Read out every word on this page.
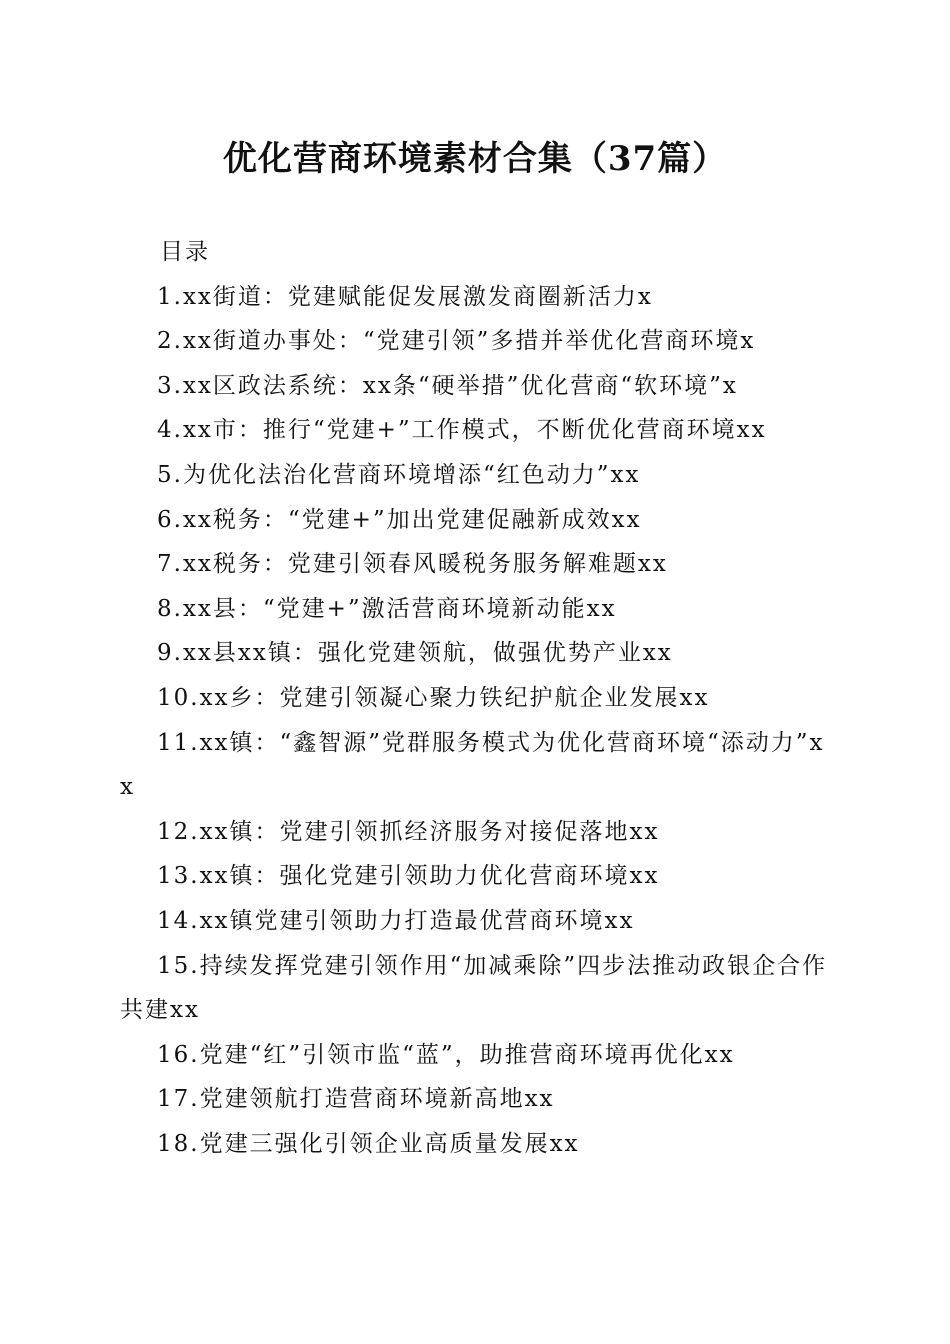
优化营商环境素材合集（37篇）
目录
1.xx街道：党建赋能促发展激发商圈新活力x
2.xx街道办事处：“党建引领”多措并举优化营商环境x
3.xx区政法系统：xx条“硬举措”优化营商“软环境”x
4.xx市：推行“党建+”工作模式，不断优化营商环境xx
5.为优化法治化营商环境增添“红色动力”xx
6.xx税务：“党建+”加出党建促融新成效xx
7.xx税务：党建引领春风暖税务服务解难题xx
8.xx县：“党建+”激活营商环境新动能xx
9.xx县xx镇：强化党建领航，做强优势产业xx
10.xx乡：党建引领凝心聚力铁纪护航企业发展xx
11.xx镇：“鑫智源”党群服务模式为优化营商环境“添动力”xx
12.xx镇：党建引领抓经济服务对接促落地xx
13.xx镇：强化党建引领助力优化营商环境xx
14.xx镇党建引领助力打造最优营商环境xx
15.持续发挥党建引领作用“加减乘除”四步法推动政银企合作共建xx
16.党建“红”引领市监“蓝”，助推营商环境再优化xx
17.党建领航打造营商环境新高地xx
18.党建三强化引领企业高质量发展xx
